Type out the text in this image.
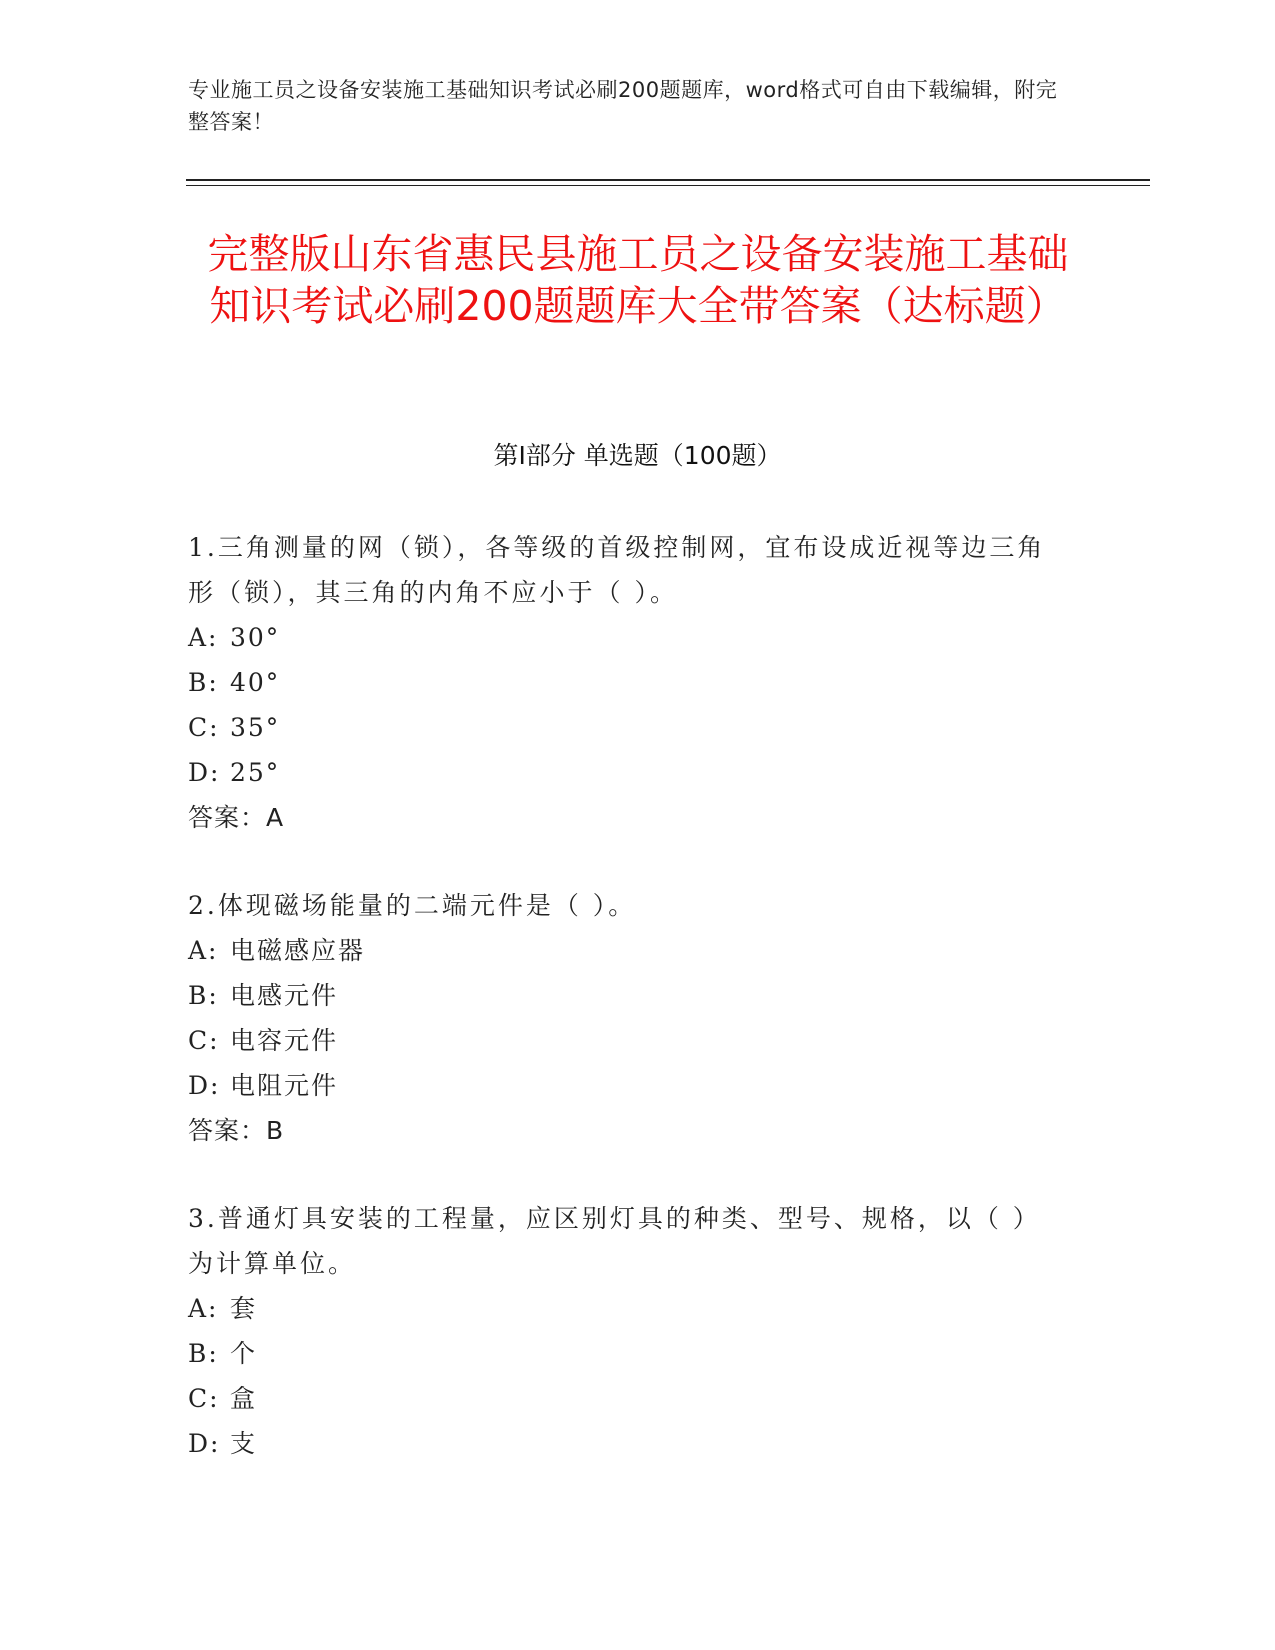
专业施工员之设备安装施工基础知识考试必刷200题题库，word格式可自由下载编辑，附完整答案！
完整版山东省惠民县施工员之设备安装施工基础知识考试必刷200题题库大全带答案（达标题）
第Ⅰ部分 单选题（100题）
1.三角测量的网（锁），各等级的首级控制网，宜布设成近视等边三角形（锁），其三角的内角不应小于（ ）。
A: 30°
B: 40°
C: 35°
D: 25°
答案：A
2.体现磁场能量的二端元件是（ ）。
A: 电磁感应器
B: 电感元件
C: 电容元件
D: 电阻元件
答案：B
3.普通灯具安装的工程量，应区别灯具的种类、型号、规格，以（ ）为计算单位。
A: 套
B: 个
C: 盒
D: 支
